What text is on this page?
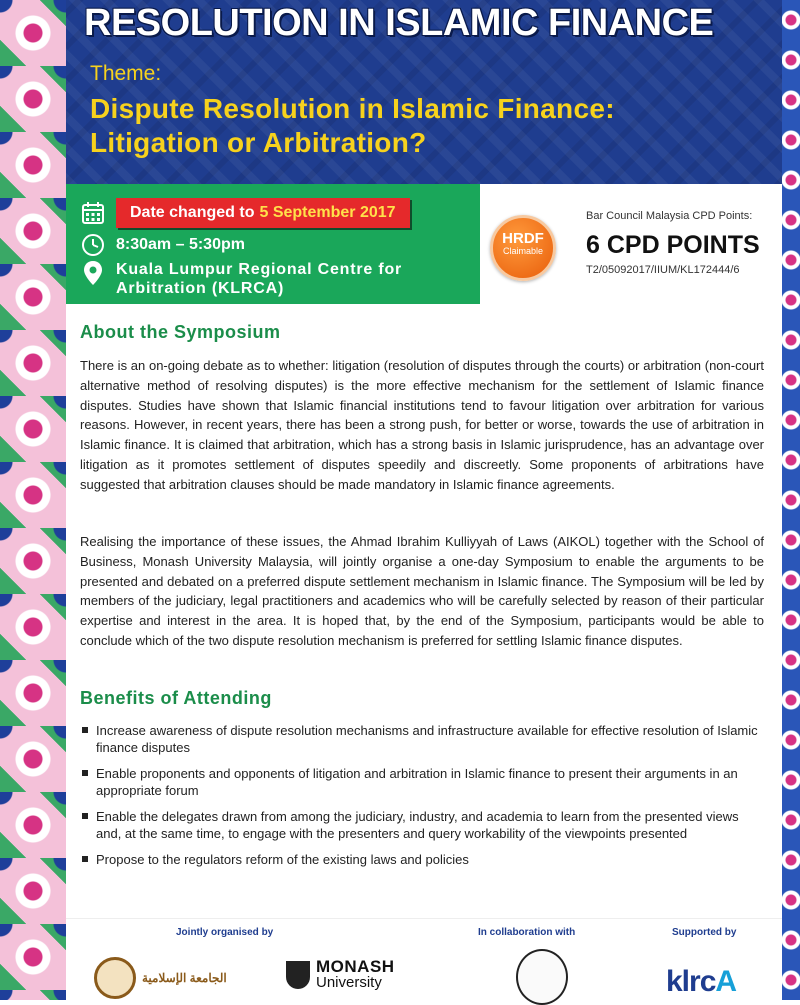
RESOLUTION IN ISLAMIC FINANCE
Theme:
Dispute Resolution in Islamic Finance:
Litigation or Arbitration?
Date changed to 5 September 2017
8:30am – 5:30pm
Kuala Lumpur Regional Centre for
Arbitration (KLRCA)
HRDF
Claimable
Bar Council Malaysia CPD Points:
6 CPD POINTS
T2/05092017/IIUM/KL172444/6
About the Symposium
There is an on-going debate as to whether: litigation (resolution of disputes through the courts) or arbitration (non-court alternative method of resolving disputes) is the more effective mechanism for the settlement of Islamic finance disputes. Studies have shown that Islamic financial institutions tend to favour litigation over arbitration for various reasons. However, in recent years, there has been a strong push, for better or worse, towards the use of arbitration in Islamic finance. It is claimed that arbitration, which has a strong basis in Islamic jurisprudence, has an advantage over litigation as it promotes settlement of disputes speedily and discreetly. Some proponents of arbitrations have suggested that arbitration clauses should be made mandatory in Islamic finance agreements.
Realising the importance of these issues, the Ahmad Ibrahim Kulliyyah of Laws (AIKOL) together with the School of Business, Monash University Malaysia, will jointly organise a one-day Symposium to enable the arguments to be presented and debated on a preferred dispute settlement mechanism in Islamic finance. The Symposium will be led by members of the judiciary, legal practitioners and academics who will be carefully selected by reason of their particular expertise and interest in the area. It is hoped that, by the end of the Symposium, participants would be able to conclude which of the two dispute resolution mechanism is preferred for settling Islamic finance disputes.
Benefits of Attending
Increase awareness of dispute resolution mechanisms and infrastructure available for effective resolution of Islamic finance disputes
Enable proponents and opponents of litigation and arbitration in Islamic finance to present their arguments in an appropriate forum
Enable the delegates drawn from among the judiciary, industry, and academia to learn from the presented views and, at the same time, to engage with the presenters and query workability of the viewpoints presented
Propose to the regulators reform of the existing laws and policies
Jointly organised by	In collaboration with	Supported by
الجامعة الإسلامية
MONASH
University	klrcA
